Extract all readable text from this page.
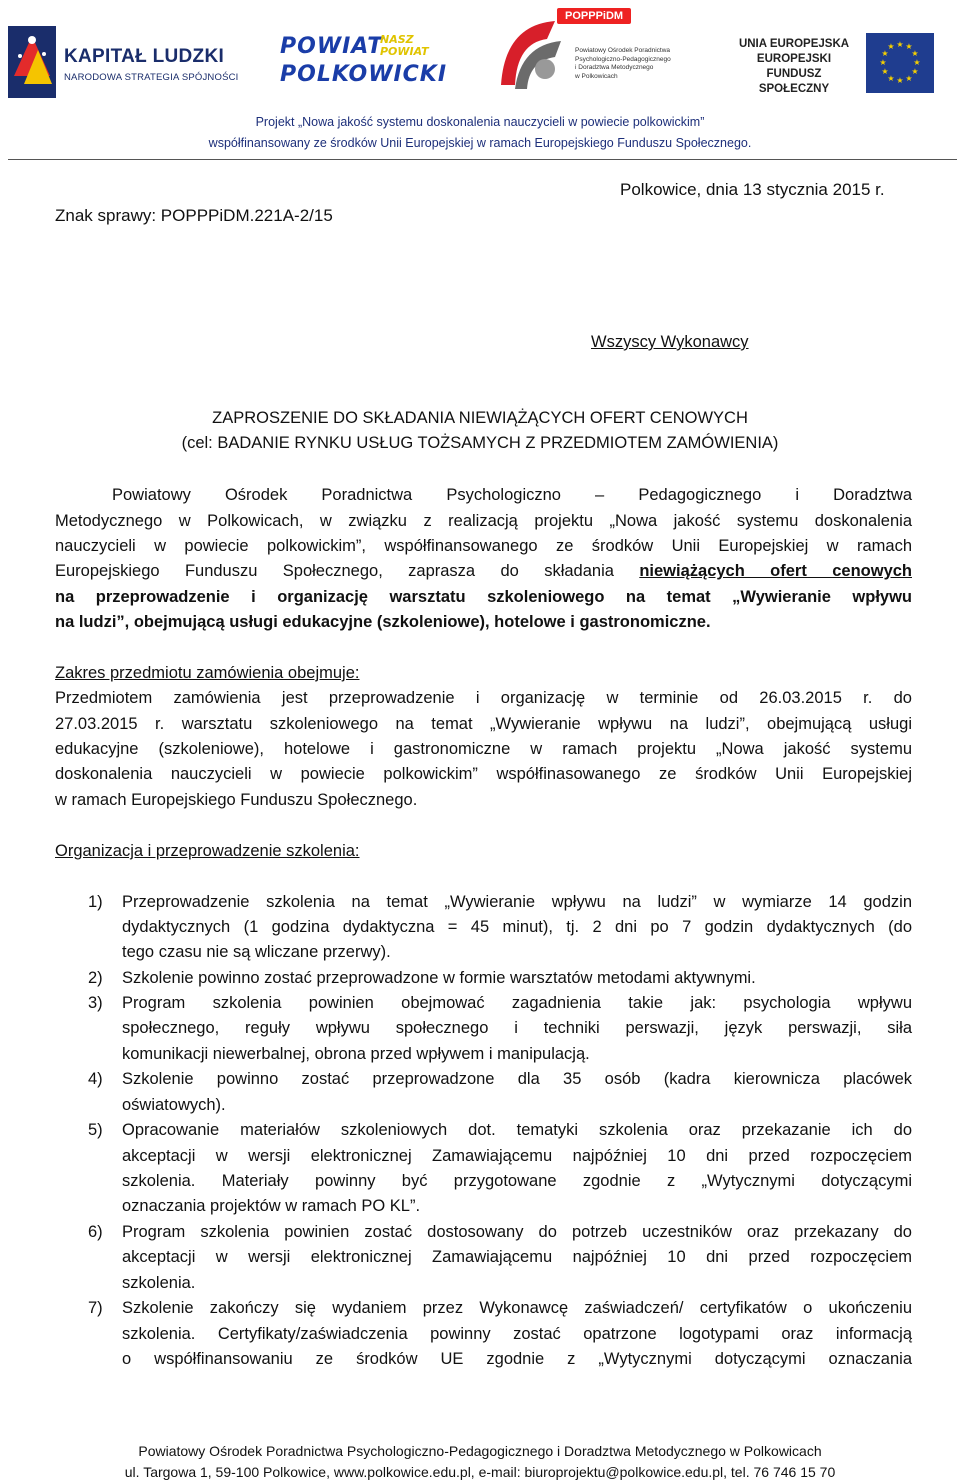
KAPITAŁ LUDZKI
NARODOWA STRATEGIA SPÓJNOŚCI
POWIAT
POLKOWICKI
NASZ POWIAT
POPPPiDM
Powiatowy Ośrodek Poradnictwa
Psychologiczno-Pedagogicznego
i Doradztwa Metodycznego
w Polkowicach
UNIA EUROPEJSKA
EUROPEJSKI
FUNDUSZ SPOŁECZNY
★ ★
★
★
★
★
★
★
★
★
★
★
Projekt „Nowa jakość systemu doskonalenia nauczycieli w powiecie polkowickim”
współfinansowany ze środków Unii Europejskiej w ramach Europejskiego Funduszu Społecznego.
Znak sprawy: POPPPiDM.221A-2/15
Polkowice, dnia 13 stycznia 2015 r.
Wszyscy Wykonawcy
ZAPROSZENIE DO SKŁADANIA NIEWIĄŻĄCYCH OFERT CENOWYCH
(cel: BADANIE RYNKU USŁUG TOŻSAMYCH Z PRZEDMIOTEM ZAMÓWIENIA)
Powiatowy Ośrodek Poradnictwa Psychologiczno – Pedagogicznego i Doradztwa
Metodycznego w Polkowicach, w związku z realizacją projektu „Nowa jakość systemu doskonalenia
nauczycieli w powiecie polkowickim”, współfinansowanego ze środków Unii Europejskiej w ramach
Europejskiego Funduszu Społecznego, zaprasza do składania niewiążących ofert cenowych
na przeprowadzenie i organizację warsztatu szkoleniowego na temat „Wywieranie wpływu
na ludzi”, obejmującą usługi edukacyjne (szkoleniowe), hotelowe i gastronomiczne.
Zakres przedmiotu zamówienia obejmuje:
Przedmiotem zamówienia jest przeprowadzenie i organizację w terminie od 26.03.2015 r. do
27.03.2015 r. warsztatu szkoleniowego na temat „Wywieranie wpływu na ludzi”, obejmującą usługi
edukacyjne (szkoleniowe), hotelowe i gastronomiczne w ramach projektu „Nowa jakość systemu
doskonalenia nauczycieli w powiecie polkowickim” współfinasowanego ze środków Unii Europejskiej
w ramach Europejskiego Funduszu Społecznego.
Organizacja i przeprowadzenie szkolenia:
1) Przeprowadzenie szkolenia na temat „Wywieranie wpływu na ludzi” w wymiarze 14 godzin
dydaktycznych (1 godzina dydaktyczna = 45 minut), tj. 2 dni po 7 godzin dydaktycznych (do
tego czasu nie są wliczane przerwy).
2) Szkolenie powinno zostać przeprowadzone w formie warsztatów metodami aktywnymi.
3) Program szkolenia powinien obejmować zagadnienia takie jak: psychologia wpływu
społecznego, reguły wpływu społecznego i techniki perswazji, język perswazji, siła
komunikacji niewerbalnej, obrona przed wpływem i manipulacją.
4) Szkolenie powinno zostać przeprowadzone dla 35 osób (kadra kierownicza placówek
oświatowych).
5) Opracowanie materiałów szkoleniowych dot. tematyki szkolenia oraz przekazanie ich do
akceptacji w wersji elektronicznej Zamawiającemu najpóźniej 10 dni przed rozpoczęciem
szkolenia. Materiały powinny być przygotowane zgodnie z „Wytycznymi dotyczącymi
oznaczania projektów w ramach PO KL”.
6) Program szkolenia powinien zostać dostosowany do potrzeb uczestników oraz przekazany do
akceptacji w wersji elektronicznej Zamawiającemu najpóźniej 10 dni przed rozpoczęciem
szkolenia.
7) Szkolenie zakończy się wydaniem przez Wykonawcę zaświadczeń/ certyfikatów o ukończeniu
szkolenia. Certyfikaty/zaświadczenia powinny zostać opatrzone logotypami oraz informacją
o współfinansowaniu ze środków UE zgodnie z „Wytycznymi dotyczącymi oznaczania
Powiatowy Ośrodek Poradnictwa Psychologiczno-Pedagogicznego i Doradztwa Metodycznego w Polkowicach
ul. Targowa 1, 59-100 Polkowice, www.polkowice.edu.pl, e-mail: biuroprojektu@polkowice.edu.pl, tel. 76 746 15 70
